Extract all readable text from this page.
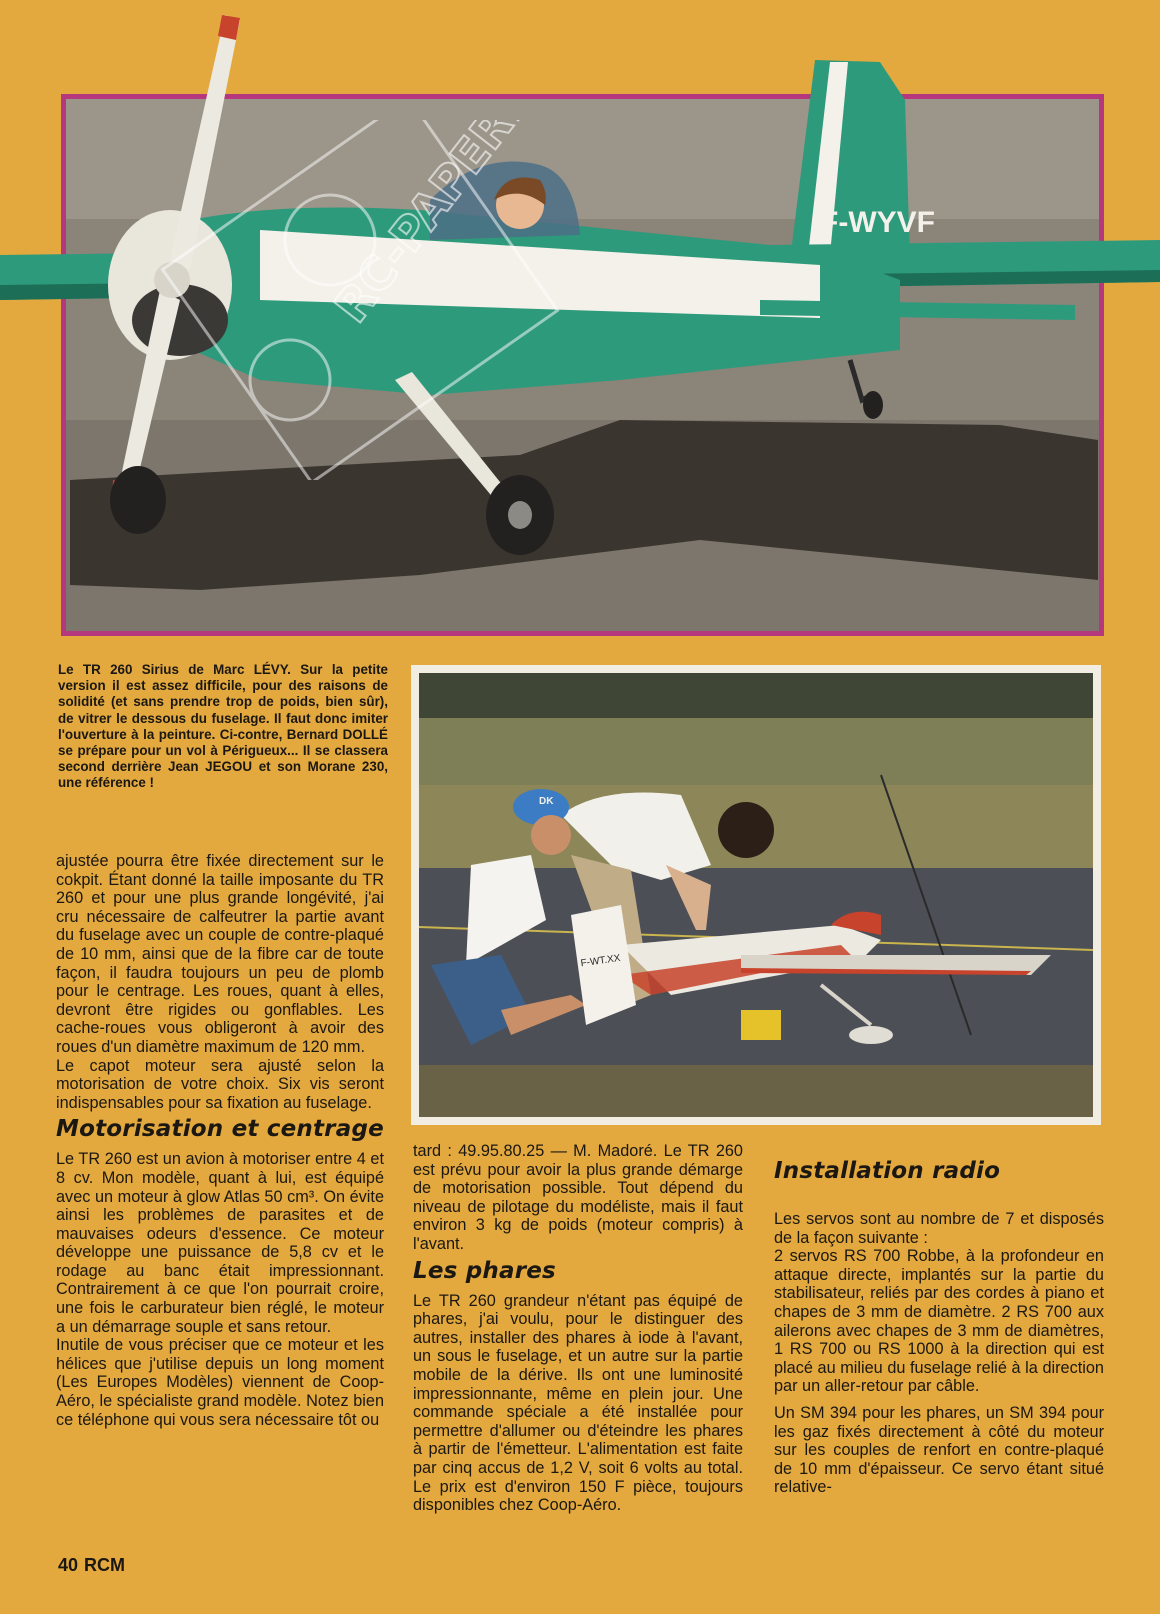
F-WYVF
DK
F-WT.XX
Le TR 260 Sirius de Marc LÉVY. Sur la petite version il est assez difficile, pour des raisons de solidité (et sans prendre trop de poids, bien sûr), de vitrer le dessous du fuselage. Il faut donc imiter l'ouverture à la peinture. Ci-contre, Bernard DOLLÉ se prépare pour un vol à Périgueux... Il se classera second derrière Jean JEGOU et son Morane 230, une référence !

ajustée pourra être fixée directement sur le cokpit. Étant donné la taille imposante du TR 260 et pour une plus grande longévité, j'ai cru nécessaire de calfeutrer la partie avant du fuselage avec un couple de contre-plaqué de 10 mm, ainsi que de la fibre car de toute façon, il faudra toujours un peu de plomb pour le centrage. Les roues, quant à elles, devront être rigides ou gonflables. Les cache-roues vous obligeront à avoir des roues d'un diamètre maximum de 120 mm.

Le capot moteur sera ajusté selon la motorisation de votre choix. Six vis seront indispensables pour sa fixation au fuselage.

Motorisation et centrage

Le TR 260 est un avion à motoriser entre 4 et 8 cv. Mon modèle, quant à lui, est équipé avec un moteur à glow Atlas 50 cm³. On évite ainsi les problèmes de parasites et de mauvaises odeurs d'essence. Ce moteur développe une puissance de 5,8 cv et le rodage au banc était impressionnant. Contrairement à ce que l'on pourrait croire, une fois le carburateur bien réglé, le moteur a un démarrage souple et sans retour.

Inutile de vous préciser que ce moteur et les hélices que j'utilise depuis un long moment (Les Europes Modèles) viennent de Coop-Aéro, le spécialiste grand modèle. Notez bien ce téléphone qui vous sera nécessaire tôt ou

tard : 49.95.80.25 — M. Madoré. Le TR 260 est prévu pour avoir la plus grande démarge de motorisation possible. Tout dépend du niveau de pilotage du modéliste, mais il faut environ 3 kg de poids (moteur compris) à l'avant.

Les phares

Le TR 260 grandeur n'étant pas équipé de phares, j'ai voulu, pour le distinguer des autres, installer des phares à iode à l'avant, un sous le fuselage, et un autre sur la partie mobile de la dérive. Ils ont une luminosité impressionnante, même en plein jour. Une commande spéciale a été installée pour permettre d'allumer ou d'éteindre les phares à partir de l'émetteur. L'alimentation est faite par cinq accus de 1,2 V, soit 6 volts au total. Le prix est d'environ 150 F pièce, toujours disponibles chez Coop-Aéro.

Installation radio

Les servos sont au nombre de 7 et disposés de la façon suivante :

2 servos RS 700 Robbe, à la profondeur en attaque directe, implantés sur la partie du stabilisateur, reliés par des cordes à piano et chapes de 3 mm de diamètre. 2 RS 700 aux ailerons avec chapes de 3 mm de diamètres, 1 RS 700 ou RS 1000 à la direction qui est placé au milieu du fuselage relié à la direction par un aller-retour par câble.

Un SM 394 pour les phares, un SM 394 pour les gaz fixés directement à côté du moteur sur les couples de renfort en contre-plaqué de 10 mm d'épaisseur. Ce servo étant situé relative-

40 RCM
